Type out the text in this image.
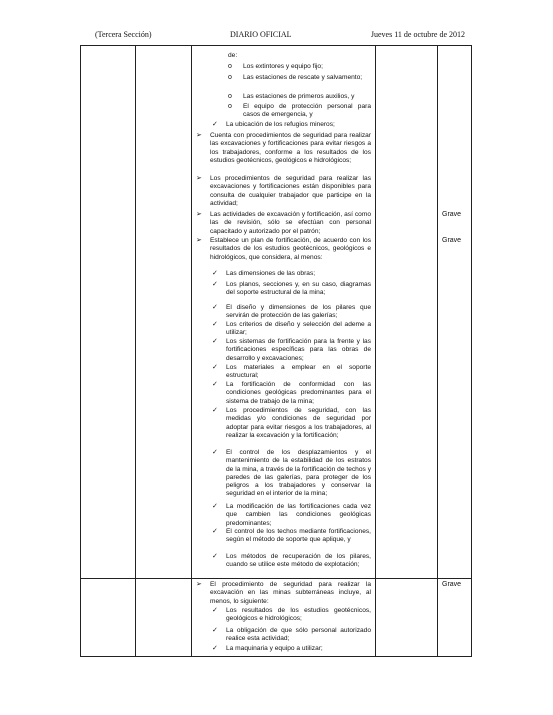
(Tercera Sección)	DIARIO OFICIAL	Jueves 11 de octubre de 2012
de:
o Los extintores y equipo fijo;
o Las estaciones de rescate y salvamento;
o Las estaciones de primeros auxilios, y
o El equipo de protección personal para casos de emergencia, y
✓ La ubicación de los refugios mineros;
➢ Cuenta con procedimientos de seguridad para realizar las excavaciones y fortificaciones para evitar riesgos a los trabajadores, conforme a los resultados de los estudios geotécnicos, geológicos e hidrológicos;
➢ Los procedimientos de seguridad para realizar las excavaciones y fortificaciones están disponibles para consulta de cualquier trabajador que participe en la actividad;
➢ Las actividades de excavación y fortificación, así como las de revisión, sólo se efectúan con personal capacitado y autorizado por el patrón;
Grave
➢ Establece un plan de fortificación, de acuerdo con los resultados de los estudios geotécnicos, geológicos e hidrológicos, que considera, al menos:
Grave
✓ Las dimensiones de las obras;
✓ Los planos, secciones y, en su caso, diagramas del soporte estructural de la mina;
✓ El diseño y dimensiones de los pilares que servirán de protección de las galerías;
✓ Los criterios de diseño y selección del ademe a utilizar;
✓ Los sistemas de fortificación para la frente y las fortificaciones específicas para las obras de desarrollo y excavaciones;
✓ Los materiales a emplear en el soporte estructural;
✓ La fortificación de conformidad con las condiciones geológicas predominantes para el sistema de trabajo de la mina;
✓ Los procedimientos de seguridad, con las medidas y/o condiciones de seguridad por adoptar para evitar riesgos a los trabajadores, al realizar la excavación y la fortificación;
✓ El control de los desplazamientos y el mantenimiento de la estabilidad de los estratos de la mina, a través de la fortificación de techos y paredes de las galerías, para proteger de los peligros a los trabajadores y conservar la seguridad en el interior de la mina;
✓ La modificación de las fortificaciones cada vez que cambien las condiciones geológicas predominantes;
✓ El control de los techos mediante fortificaciones, según el método de soporte que aplique, y
✓ Los métodos de recuperación de los pilares, cuando se utilice este método de explotación;
➢ El procedimiento de seguridad para realizar la excavación en las minas subterráneas incluye, al menos, lo siguiente:
Grave
✓ Los resultados de los estudios geotécnicos, geológicos e hidrológicos;
✓ La obligación de que sólo personal autorizado realice esta actividad;
✓ La maquinaria y equipo a utilizar;
